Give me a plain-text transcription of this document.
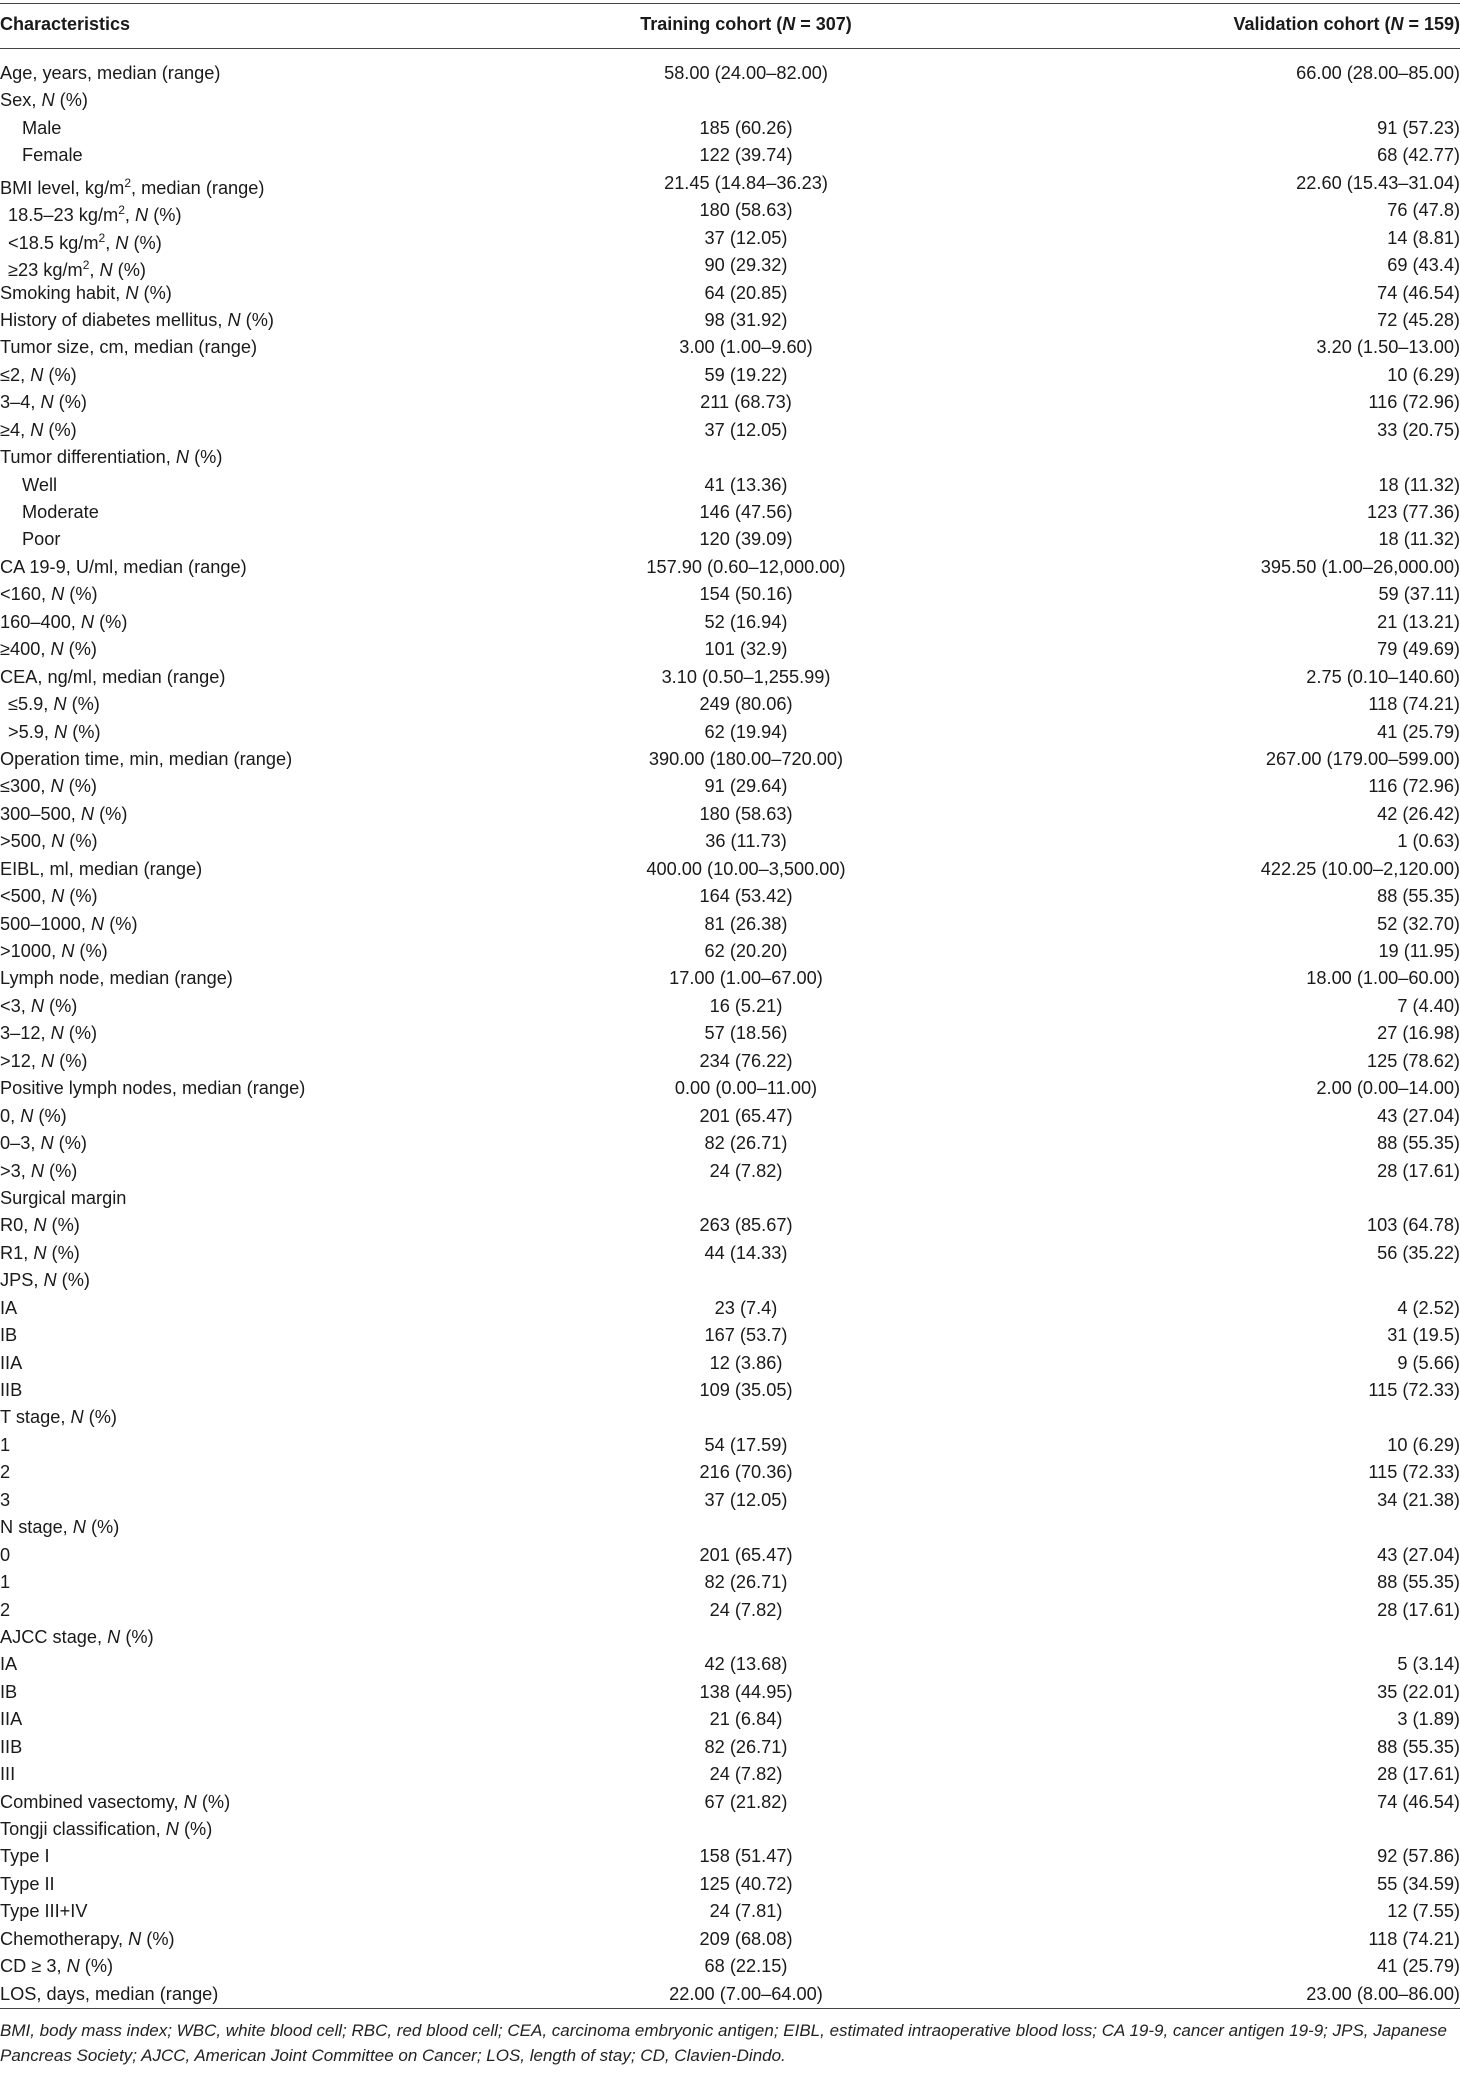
Characteristics	Training cohort (N = 307)	Validation cohort (N = 159)
Age, years, median (range)	58.00 (24.00–82.00)	66.00 (28.00–85.00)
Sex, N (%)
Male	185 (60.26)	91 (57.23)
Female	122 (39.74)	68 (42.77)
BMI level, $kg/m^2$, median (range)	21.45 (14.84–36.23)	22.60 (15.43–31.04)
18.5–23 $kg/m^2$, N (%)	180 (58.63)	76 (47.8)
<18.5 $kg/m^2$, N (%)	37 (12.05)	14 (8.81)
≥23 $kg/m^2$, N (%)	90 (29.32)	69 (43.4)
Smoking habit, N (%)	64 (20.85)	74 (46.54)
History of diabetes mellitus, N (%)	98 (31.92)	72 (45.28)
Tumor size, cm, median (range)	3.00 (1.00–9.60)	3.20 (1.50–13.00)
≤2, N (%)	59 (19.22)	10 (6.29)
3–4, N (%)	211 (68.73)	116 (72.96)
≥4, N (%)	37 (12.05)	33 (20.75)
Tumor differentiation, N (%)
Well	41 (13.36)	18 (11.32)
Moderate	146 (47.56)	123 (77.36)
Poor	120 (39.09)	18 (11.32)
CA 19-9, U/ml, median (range)	157.90 (0.60–12,000.00)	395.50 (1.00–26,000.00)
<160, N (%)	154 (50.16)	59 (37.11)
160–400, N (%)	52 (16.94)	21 (13.21)
≥400, N (%)	101 (32.9)	79 (49.69)
CEA, ng/ml, median (range)	3.10 (0.50–1,255.99)	2.75 (0.10–140.60)
≤5.9, N (%)	249 (80.06)	118 (74.21)
>5.9, N (%)	62 (19.94)	41 (25.79)
Operation time, min, median (range)	390.00 (180.00–720.00)	267.00 (179.00–599.00)
≤300, N (%)	91 (29.64)	116 (72.96)
300–500, N (%)	180 (58.63)	42 (26.42)
>500, N (%)	36 (11.73)	1 (0.63)
EIBL, ml, median (range)	400.00 (10.00–3,500.00)	422.25 (10.00–2,120.00)
<500, N (%)	164 (53.42)	88 (55.35)
500–1000, N (%)	81 (26.38)	52 (32.70)
>1000, N (%)	62 (20.20)	19 (11.95)
Lymph node, median (range)	17.00 (1.00–67.00)	18.00 (1.00–60.00)
<3, N (%)	16 (5.21)	7 (4.40)
3–12, N (%)	57 (18.56)	27 (16.98)
>12, N (%)	234 (76.22)	125 (78.62)
Positive lymph nodes, median (range)	0.00 (0.00–11.00)	2.00 (0.00–14.00)
0, N (%)	201 (65.47)	43 (27.04)
0–3, N (%)	82 (26.71)	88 (55.35)
>3, N (%)	24 (7.82)	28 (17.61)
Surgical margin
R0, N (%)	263 (85.67)	103 (64.78)
R1, N (%)	44 (14.33)	56 (35.22)
JPS, N (%)
IA	23 (7.4)	4 (2.52)
IB	167 (53.7)	31 (19.5)
IIA	12 (3.86)	9 (5.66)
IIB	109 (35.05)	115 (72.33)
T stage, N (%)
1	54 (17.59)	10 (6.29)
2	216 (70.36)	115 (72.33)
3	37 (12.05)	34 (21.38)
N stage, N (%)
0	201 (65.47)	43 (27.04)
1	82 (26.71)	88 (55.35)
2	24 (7.82)	28 (17.61)
AJCC stage, N (%)
IA	42 (13.68)	5 (3.14)
IB	138 (44.95)	35 (22.01)
IIA	21 (6.84)	3 (1.89)
IIB	82 (26.71)	88 (55.35)
III	24 (7.82)	28 (17.61)
Combined vasectomy, N (%)	67 (21.82)	74 (46.54)
Tongji classification, N (%)
Type I	158 (51.47)	92 (57.86)
Type II	125 (40.72)	55 (34.59)
Type III+IV	24 (7.81)	12 (7.55)
Chemotherapy, N (%)	209 (68.08)	118 (74.21)
CD ≥ 3, N (%)	68 (22.15)	41 (25.79)
LOS, days, median (range)	22.00 (7.00–64.00)	23.00 (8.00–86.00)
BMI, body mass index; WBC, white blood cell; RBC, red blood cell; CEA, carcinoma embryonic antigen; EIBL, estimated intraoperative blood loss; CA 19-9, cancer antigen 19-9; JPS, Japanese Pancreas Society; AJCC, American Joint Committee on Cancer; LOS, length of stay; CD, Clavien-Dindo.
